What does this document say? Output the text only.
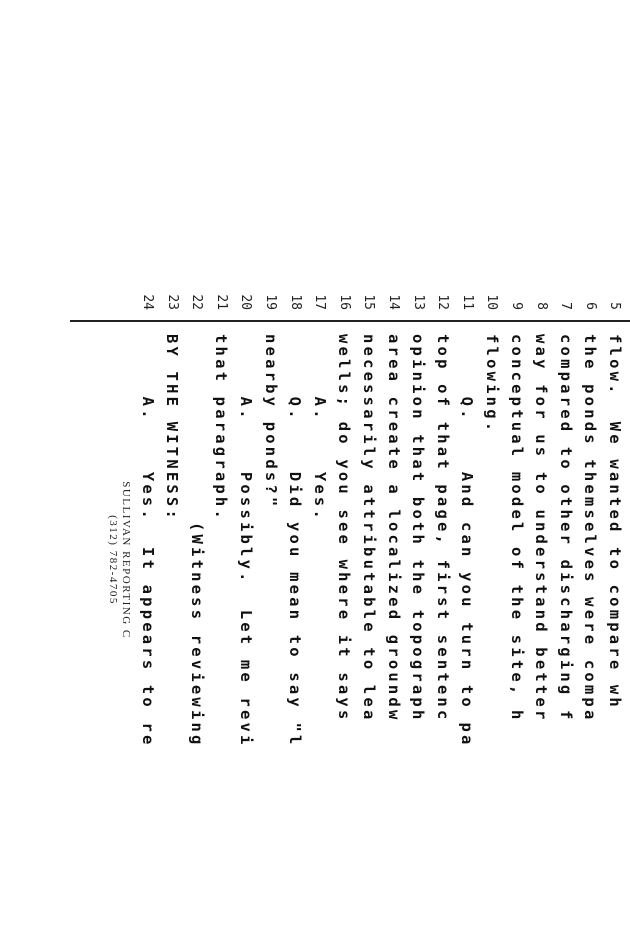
5
flow.  We wanted to compare wh
6
the ponds themselves were compa
7
compared to other discharging f
8
way for us to understand better
9
conceptual model of the site, h
10
flowing.
11
Q.    And can you turn to pa
12
top of that page, first sentenc
13
opinion that both the topograph
14
area create a localized groundw
15
necessarily attributable to lea
16
wells; do you see where it says
17
A.    Yes.
18
Q.    Did you mean to say "l
19
nearby ponds?"
20
A.    Possibly.  Let me revi
21
that paragraph.
22
(Witness reviewing
23
BY THE WITNESS:
24
A.    Yes.  It appears to re
SULLIVAN REPORTING C
(312) 782-4705
